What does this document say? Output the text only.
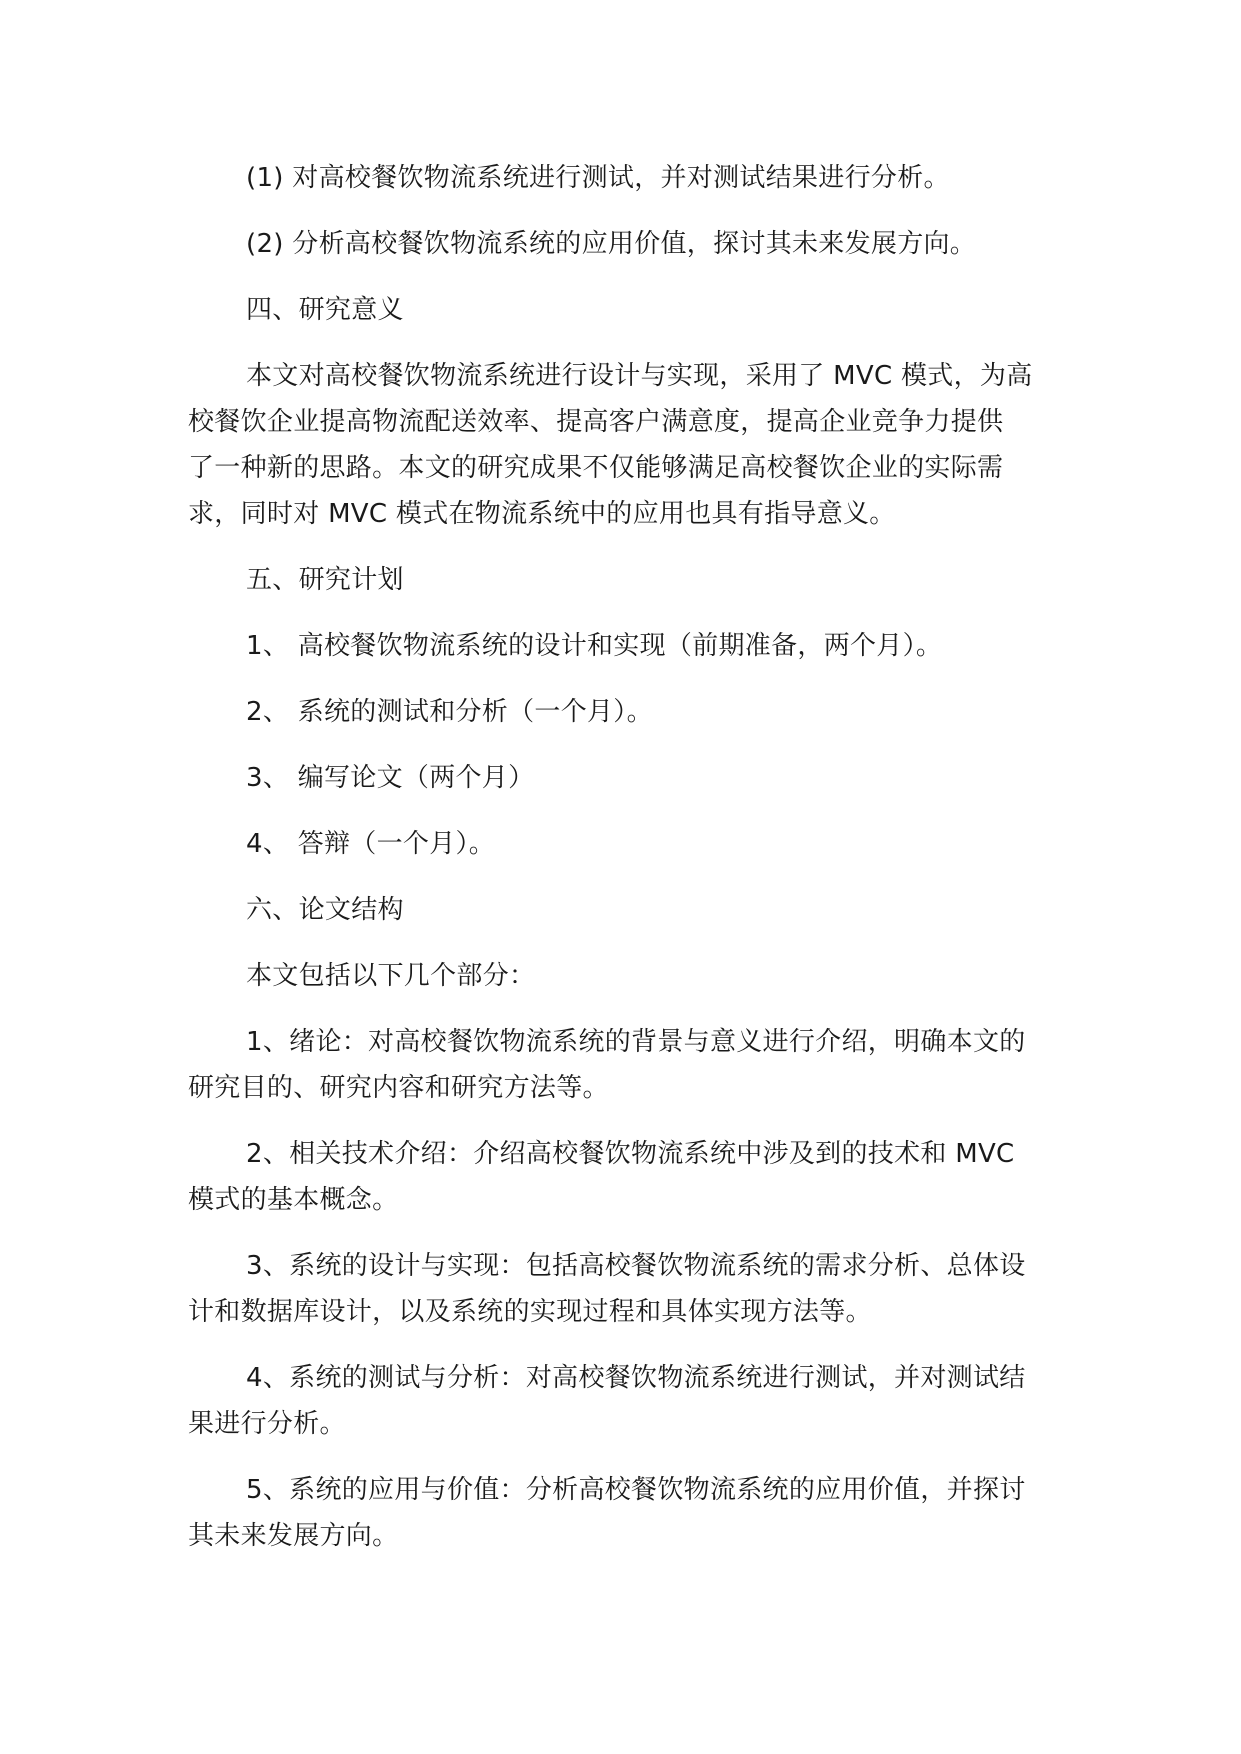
(1) 对高校餐饮物流系统进行测试，并对测试结果进行分析。

(2) 分析高校餐饮物流系统的应用价值，探讨其未来发展方向。

四、研究意义

本文对高校餐饮物流系统进行设计与实现，采用了 MVC 模式，为高
校餐饮企业提高物流配送效率、提高客户满意度，提高企业竞争力提供
了一种新的思路。本文的研究成果不仅能够满足高校餐饮企业的实际需
求，同时对 MVC 模式在物流系统中的应用也具有指导意义。

五、研究计划

1、 高校餐饮物流系统的设计和实现（前期准备，两个月）。

2、 系统的测试和分析（一个月）。

3、 编写论文（两个月）

4、 答辩（一个月）。

六、论文结构

本文包括以下几个部分：

1、绪论：对高校餐饮物流系统的背景与意义进行介绍，明确本文的
研究目的、研究内容和研究方法等。

2、相关技术介绍：介绍高校餐饮物流系统中涉及到的技术和 MVC
模式的基本概念。

3、系统的设计与实现：包括高校餐饮物流系统的需求分析、总体设
计和数据库设计，以及系统的实现过程和具体实现方法等。

4、系统的测试与分析：对高校餐饮物流系统进行测试，并对测试结
果进行分析。

5、系统的应用与价值：分析高校餐饮物流系统的应用价值，并探讨
其未来发展方向。
